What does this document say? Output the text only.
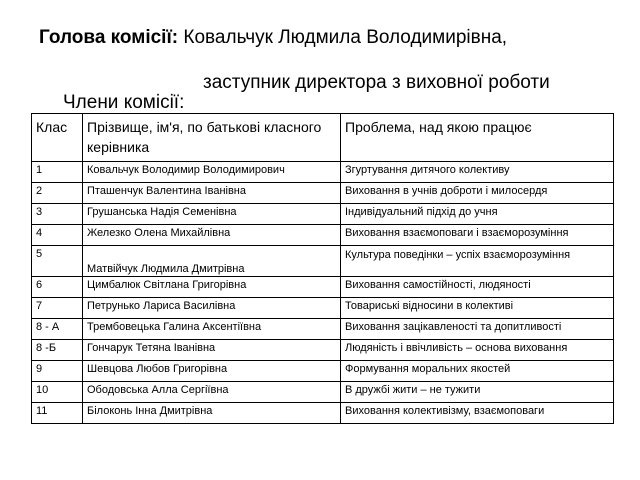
Голова комісії: Ковальчук Людмила Володимирівна,
заступник директора з виховної роботи
Члени комісії:
Клас	Прізвище, ім'я, по батькові класного керівника	Проблема, над якою працює
1	Ковальчук Володимир Володимирович	Згуртування дитячого колективу
2	Пташенчук Валентина Іванівна	Виховання в учнів доброти і милосердя
3	Грушанська Надія Семенівна	Індивідуальний підхід до учня
4	Железко Олена Михайлівна	Виховання взаємоповаги і взаєморозуміння
5	Матвійчук Людмила Дмитрівна	Культура поведінки – успіх взаєморозуміння
6	Цимбалюк Світлана Григорівна	Виховання самостійності, людяності
7	Петрунько Лариса Василівна	Товариські відносини в колективі
8 - А	Трембовецька Галина Аксентіївна	Виховання зацікавленості та допитливості
8 -Б	Гончарук Тетяна Іванівна	Людяність і ввічливість – основа виховання
9	Шевцова Любов Григорівна	Формування моральних якостей
10	Ободовська Алла Сергіївна	В дружбі жити – не тужити
11	Білоконь Інна Дмитрівна	Виховання колективізму, взаємоповаги
